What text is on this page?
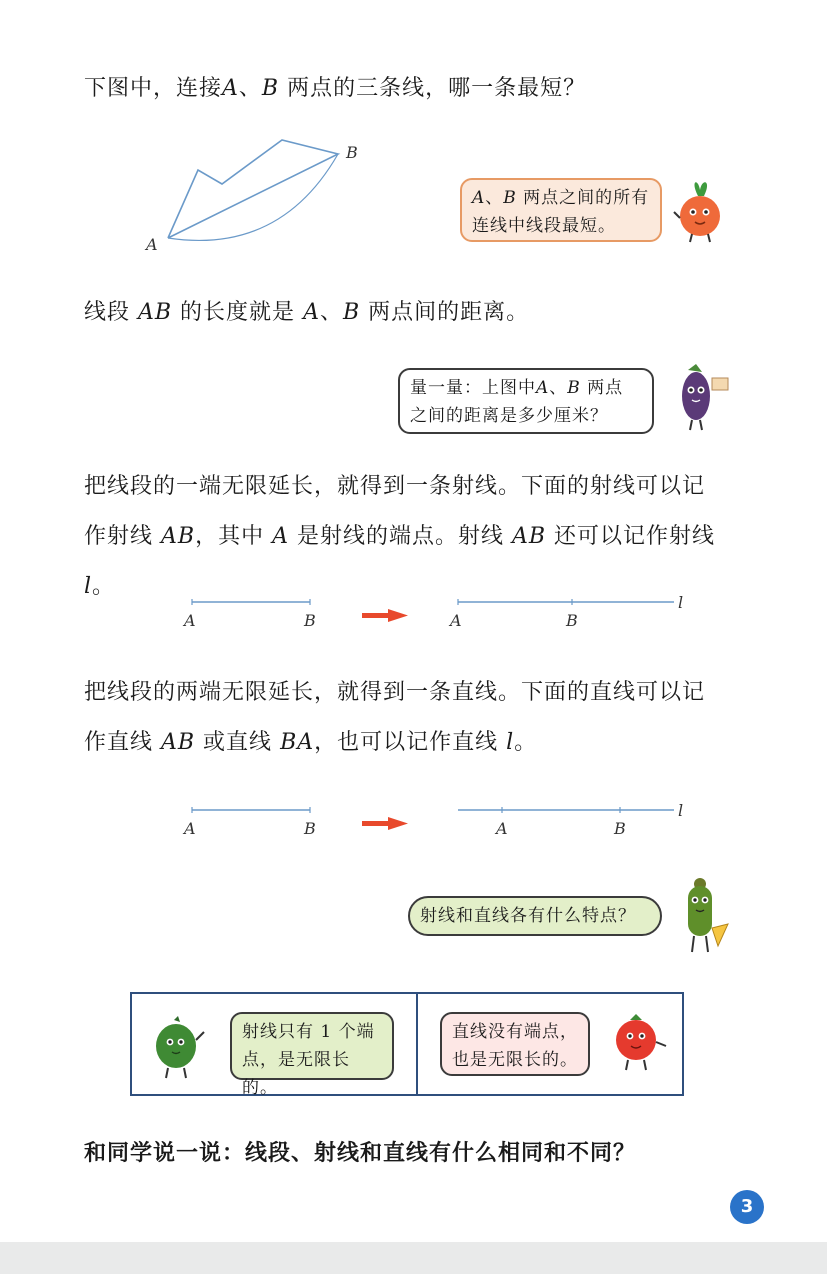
下图中，连接A、B 两点的三条线，哪一条最短？

A
B
A、B 两点之间的所有
连线中线段最短。

线段 AB 的长度就是 A、B 两点间的距离。

量一量：上图中A、B 两点
之间的距离是多少厘米？

把线段的一端无限延长，就得到一条射线。下面的射线可以记
作射线 AB，其中 A 是射线的端点。射线 AB 还可以记作射线 l。

A	B	A	B
l

把线段的两端无限延长，就得到一条直线。下面的直线可以记
作直线 AB 或直线 BA，也可以记作直线 l。

A	B	A	B
l
射线和直线各有什么特点？
射线只有 1 个端
点，是无限长的。
直线没有端点，
也是无限长的。

和同学说一说：线段、射线和直线有什么相同和不同？

3
